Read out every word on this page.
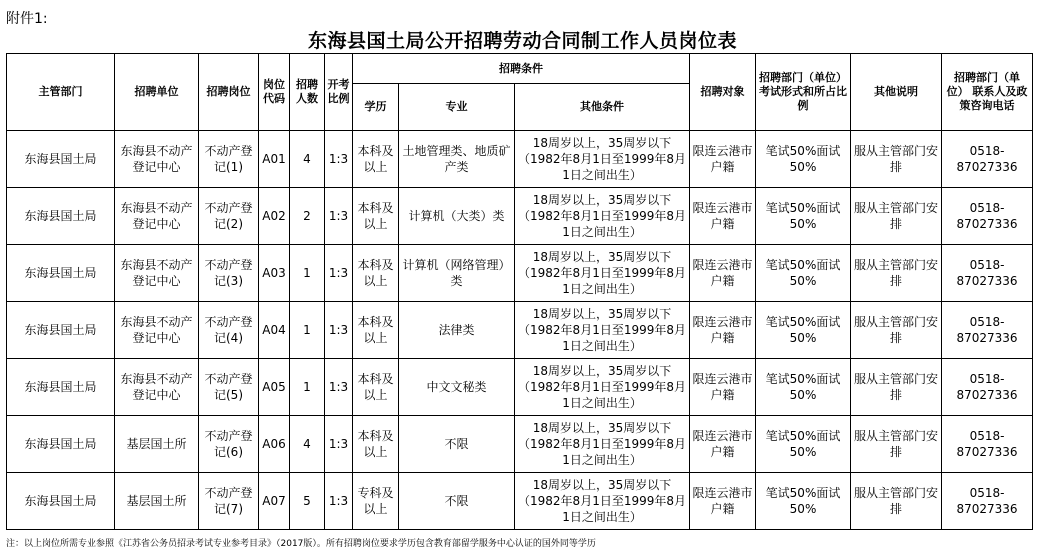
附件1:
东海县国土局公开招聘劳动合同制工作人员岗位表
主管部门	招聘单位	招聘岗位	岗位代码	招聘人数	开考比例	招聘条件			招聘对象	招聘部门（单位）考试形式和所占比例	其他说明	招聘部门（单位） 联系人及政策咨询电话
						学历	专业	其他条件				
东海县国土局	东海县不动产登记中心	不动产登记(1)	A01	4	1:3	本科及以上	土地管理类、地质矿产类	18周岁以上，35周岁以下（1982年8月1日至1999年8月1日之间出生）	限连云港市户籍	笔试50%面试50%	服从主管部门安排	0518-87027336
东海县国土局	东海县不动产登记中心	不动产登记(2)	A02	2	1:3	本科及以上	计算机（大类）类	18周岁以上，35周岁以下（1982年8月1日至1999年8月1日之间出生）	限连云港市户籍	笔试50%面试50%	服从主管部门安排	0518-87027336
东海县国土局	东海县不动产登记中心	不动产登记(3)	A03	1	1:3	本科及以上	计算机（网络管理）类	18周岁以上，35周岁以下（1982年8月1日至1999年8月1日之间出生）	限连云港市户籍	笔试50%面试50%	服从主管部门安排	0518-87027336
东海县国土局	东海县不动产登记中心	不动产登记(4)	A04	1	1:3	本科及以上	法律类	18周岁以上，35周岁以下（1982年8月1日至1999年8月1日之间出生）	限连云港市户籍	笔试50%面试50%	服从主管部门安排	0518-87027336
东海县国土局	东海县不动产登记中心	不动产登记(5)	A05	1	1:3	本科及以上	中文文秘类	18周岁以上，35周岁以下（1982年8月1日至1999年8月1日之间出生）	限连云港市户籍	笔试50%面试50%	服从主管部门安排	0518-87027336
东海县国土局	基层国土所	不动产登记(6)	A06	4	1:3	本科及以上	不限	18周岁以上，35周岁以下（1982年8月1日至1999年8月1日之间出生）	限连云港市户籍	笔试50%面试50%	服从主管部门安排	0518-87027336
东海县国土局	基层国土所	不动产登记(7)	A07	5	1:3	专科及以上	不限	18周岁以上，35周岁以下（1982年8月1日至1999年8月1日之间出生）	限连云港市户籍	笔试50%面试50%	服从主管部门安排	0518-87027336
注：以上岗位所需专业参照《江苏省公务员招录考试专业参考目录》（2017版）。所有招聘岗位要求学历包含教育部留学服务中心认证的国外同等学历
